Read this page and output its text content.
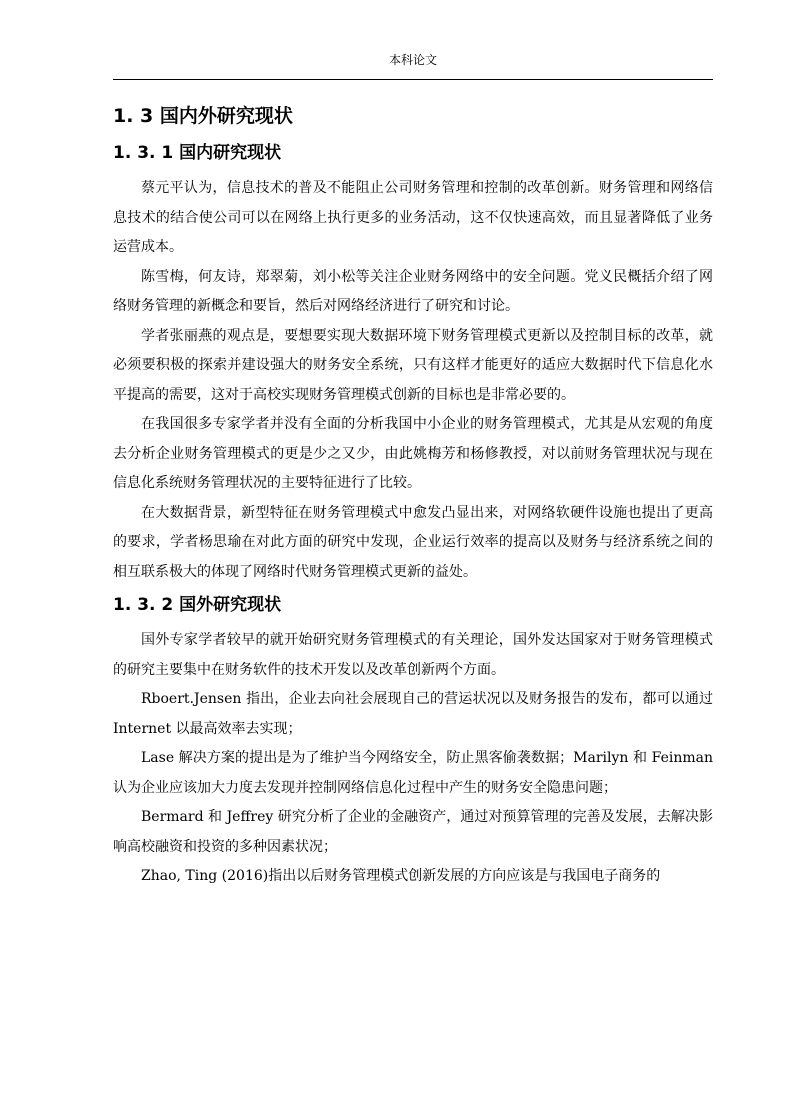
本科论文
1. 3 国内外研究现状
1. 3. 1 国内研究现状

蔡元平认为，信息技术的普及不能阻止公司财务管理和控制的改革创新。财务管理和网络信息技术的结合使公司可以在网络上执行更多的业务活动，这不仅快速高效，而且显著降低了业务运营成本。

陈雪梅，何友诗，郑翠菊，刘小松等关注企业财务网络中的安全问题。党义民概括介绍了网络财务管理的新概念和要旨，然后对网络经济进行了研究和讨论。

学者张丽燕的观点是，要想要实现大数据环境下财务管理模式更新以及控制目标的改革，就必须要积极的探索并建设强大的财务安全系统，只有这样才能更好的适应大数据时代下信息化水平提高的需要，这对于高校实现财务管理模式创新的目标也是非常必要的。

在我国很多专家学者并没有全面的分析我国中小企业的财务管理模式，尤其是从宏观的角度去分析企业财务管理模式的更是少之又少，由此姚梅芳和杨修教授，对以前财务管理状况与现在信息化系统财务管理状况的主要特征进行了比较。

在大数据背景，新型特征在财务管理模式中愈发凸显出来，对网络软硬件设施也提出了更高的要求，学者杨思瑜在对此方面的研究中发现，企业运行效率的提高以及财务与经济系统之间的相互联系极大的体现了网络时代财务管理模式更新的益处。

1. 3. 2 国外研究现状

国外专家学者较早的就开始研究财务管理模式的有关理论，国外发达国家对于财务管理模式的研究主要集中在财务软件的技术开发以及改革创新两个方面。

Rboert.Jensen 指出，企业去向社会展现自己的营运状况以及财务报告的发布，都可以通过 Internet 以最高效率去实现；

Lase 解决方案的提出是为了维护当今网络安全，防止黑客偷袭数据；Marilyn 和 Feinman 认为企业应该加大力度去发现并控制网络信息化过程中产生的财务安全隐患问题；

Bermard 和 Jeffrey 研究分析了企业的金融资产，通过对预算管理的完善及发展，去解决影响高校融资和投资的多种因素状况；

Zhao, Ting (2016)指出以后财务管理模式创新发展的方向应该是与我国电子商务的
